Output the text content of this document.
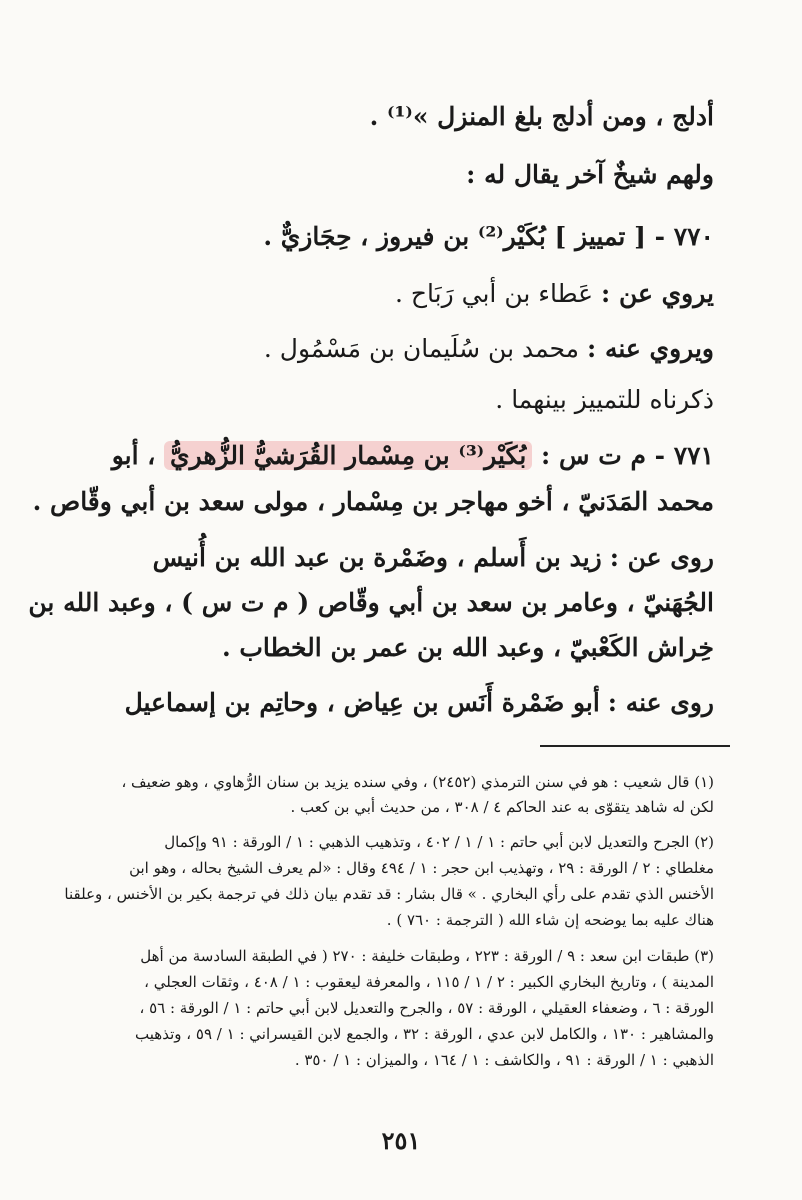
أدلج ، ومن أدلج بلغ المنزل »⁽¹⁾ .
ولهم شيخٌ آخر يقال له :
٧٧٠ - [ تمييز ] بُكَيْر⁽²⁾ بن فيروز ، حِجَازيٌّ .
يروي عن : عَطاء بن أبي رَبَاح .
ويروي عنه : محمد بن سُلَيمان بن مَسْمُول .
ذكرناه للتمييز بينهما .
٧٧١ - م ت س : بُكَيْر⁽³⁾ بن مِسْمار القُرَشيُّ الزُّهريُّ ، أبو
محمد المَدَنيّ ، أخو مهاجر بن مِسْمار ، مولى سعد بن أبي وقّاص .
روى عن : زيد بن أَسلم ، وضَمْرة بن عبد الله بن أُنيس
الجُهَنيّ ، وعامر بن سعد بن أبي وقّاص ( م ت س ) ، وعبد الله بن
خِراش الكَعْبيّ ، وعبد الله بن عمر بن الخطاب .
روى عنه : أبو ضَمْرة أَنَس بن عِياض ، وحاتِم بن إسماعيل
(١) قال شعيب : هو في سنن الترمذي (٢٤٥٢) ، وفي سنده يزيد بن سنان الرُّهاوي ، وهو ضعيف ،
لكن له شاهد يتقوّى به عند الحاكم ٤ / ٣٠٨ ، من حديث أبي بن كعب .
(٢) الجرح والتعديل لابن أبي حاتم : ١ / ١ / ٤٠٢ ، وتذهيب الذهبي : ١ / الورقة : ٩١ وإكمال
مغلطاي : ٢ / الورقة : ٢٩ ، وتهذيب ابن حجر : ١ / ٤٩٤ وقال : «لم يعرف الشيخ بحاله ، وهو ابن
الأخنس الذي تقدم على رأي البخاري . » قال بشار : قد تقدم بيان ذلك في ترجمة بكير بن الأخنس ، وعلقنا
هناك عليه بما يوضحه إن شاء الله ( الترجمة : ٧٦٠ ) .
(٣) طبقات ابن سعد : ٩ / الورقة : ٢٢٣ ، وطبقات خليفة : ٢٧٠ ( في الطبقة السادسة من أهل
المدينة ) ، وتاريخ البخاري الكبير : ٢ / ١ / ١١٥ ، والمعرفة ليعقوب : ١ / ٤٠٨ ، وثقات العجلي ،
الورقة : ٦ ، وضعفاء العقيلي ، الورقة : ٥٧ ، والجرح والتعديل لابن أبي حاتم : ١ / الورقة : ٥٦ ،
والمشاهير : ١٣٠ ، والكامل لابن عدي ، الورقة : ٣٢ ، والجمع لابن القيسراني : ١ / ٥٩ ، وتذهيب
الذهبي : ١ / الورقة : ٩١ ، والكاشف : ١ / ١٦٤ ، والميزان : ١ / ٣٥٠ .
٢٥١
